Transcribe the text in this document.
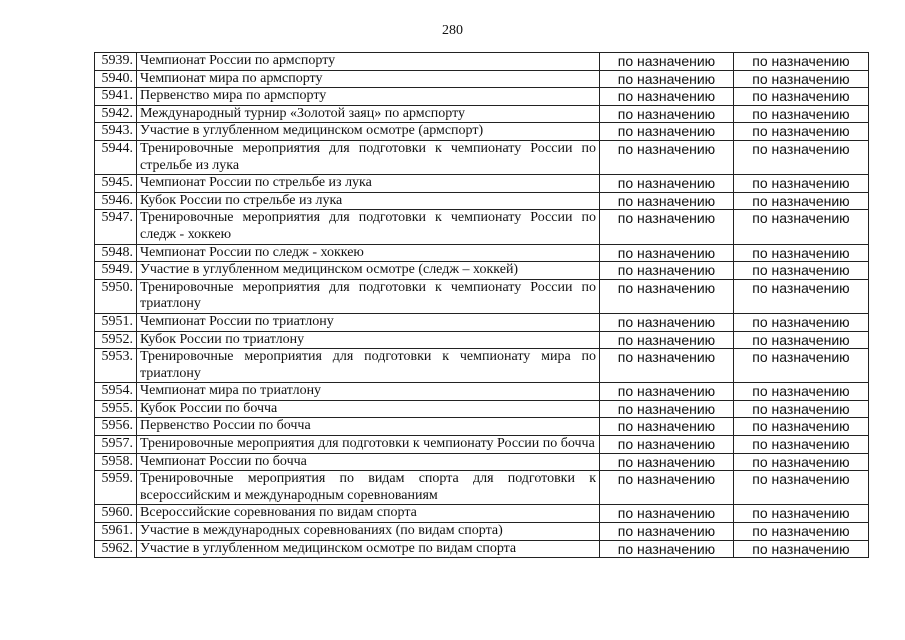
280
5939.	Чемпионат России по армспорту	по назначению	по назначению
5940.	Чемпионат мира по армспорту	по назначению	по назначению
5941.	Первенство мира по армспорту	по назначению	по назначению
5942.	Международный турнир «Золотой заяц» по армспорту	по назначению	по назначению
5943.	Участие в углубленном медицинском осмотре (армспорт)	по назначению	по назначению
5944.	Тренировочные мероприятия для подготовки к чемпионату России по стрельбе из лука	по назначению	по назначению
5945.	Чемпионат России по стрельбе из лука	по назначению	по назначению
5946.	Кубок России по стрельбе из лука	по назначению	по назначению
5947.	Тренировочные мероприятия для подготовки к чемпионату России по следж - хоккею	по назначению	по назначению
5948.	Чемпионат России по следж - хоккею	по назначению	по назначению
5949.	Участие в углубленном медицинском осмотре (следж – хоккей)	по назначению	по назначению
5950.	Тренировочные мероприятия для подготовки к чемпионату России по триатлону	по назначению	по назначению
5951.	Чемпионат России по триатлону	по назначению	по назначению
5952.	Кубок России по триатлону	по назначению	по назначению
5953.	Тренировочные мероприятия для подготовки к чемпионату мира по триатлону	по назначению	по назначению
5954.	Чемпионат мира по триатлону	по назначению	по назначению
5955.	Кубок России по бочча	по назначению	по назначению
5956.	Первенство России по бочча	по назначению	по назначению
5957.	Тренировочные мероприятия для подготовки к чемпионату России по бочча	по назначению	по назначению
5958.	Чемпионат России по бочча	по назначению	по назначению
5959.	Тренировочные мероприятия по видам спорта для подготовки к всероссийским и международным соревнованиям	по назначению	по назначению
5960.	Всероссийские соревнования по видам спорта	по назначению	по назначению
5961.	Участие в международных соревнованиях (по видам спорта)	по назначению	по назначению
5962.	Участие в углубленном медицинском осмотре по видам спорта	по назначению	по назначению
